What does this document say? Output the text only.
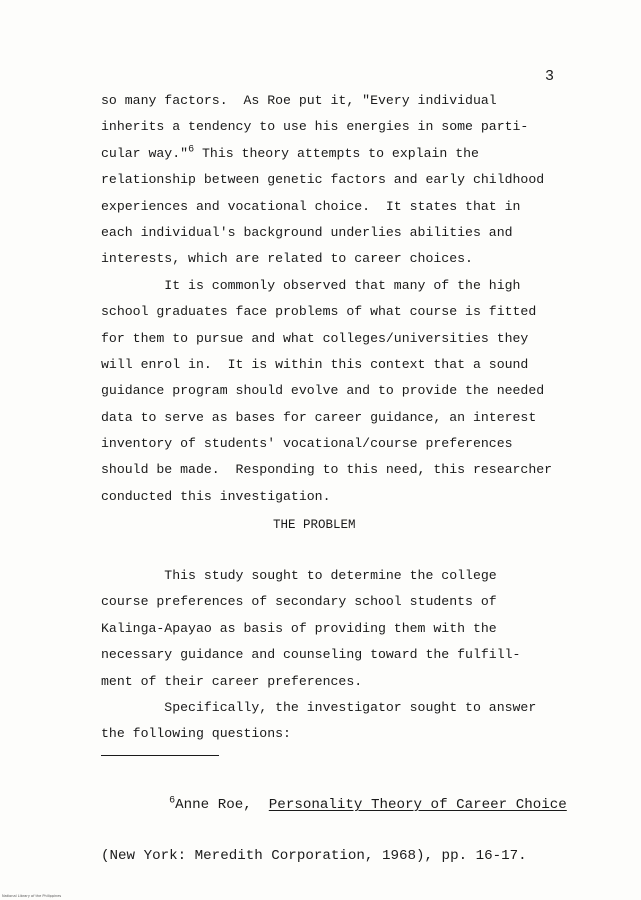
3
so many factors.  As Roe put it, "Every individual
inherits a tendency to use his energies in some parti-
cular way."$^6$ This theory attempts to explain the
relationship between genetic factors and early childhood
experiences and vocational choice.  It states that in
each individual's background underlies abilities and
interests, which are related to career choices.
It is commonly observed that many of the high
school graduates face problems of what course is fitted
for them to pursue and what colleges/universities they
will enrol in.  It is within this context that a sound
guidance program should evolve and to provide the needed
data to serve as bases for career guidance, an interest
inventory of students' vocational/course preferences
should be made.  Responding to this need, this researcher
conducted this investigation.
This study sought to determine the college
course preferences of secondary school students of
Kalinga-Apayao as basis of providing them with the
necessary guidance and counseling toward the fulfill-
ment of their career preferences.
Specifically, the investigator sought to answer
the following questions:
THE PROBLEM

$^6$Anne Roe, Personality Theory of Career Choice

(New York: Meredith Corporation, 1968), pp. 16-17.

National Library of the Philippines
